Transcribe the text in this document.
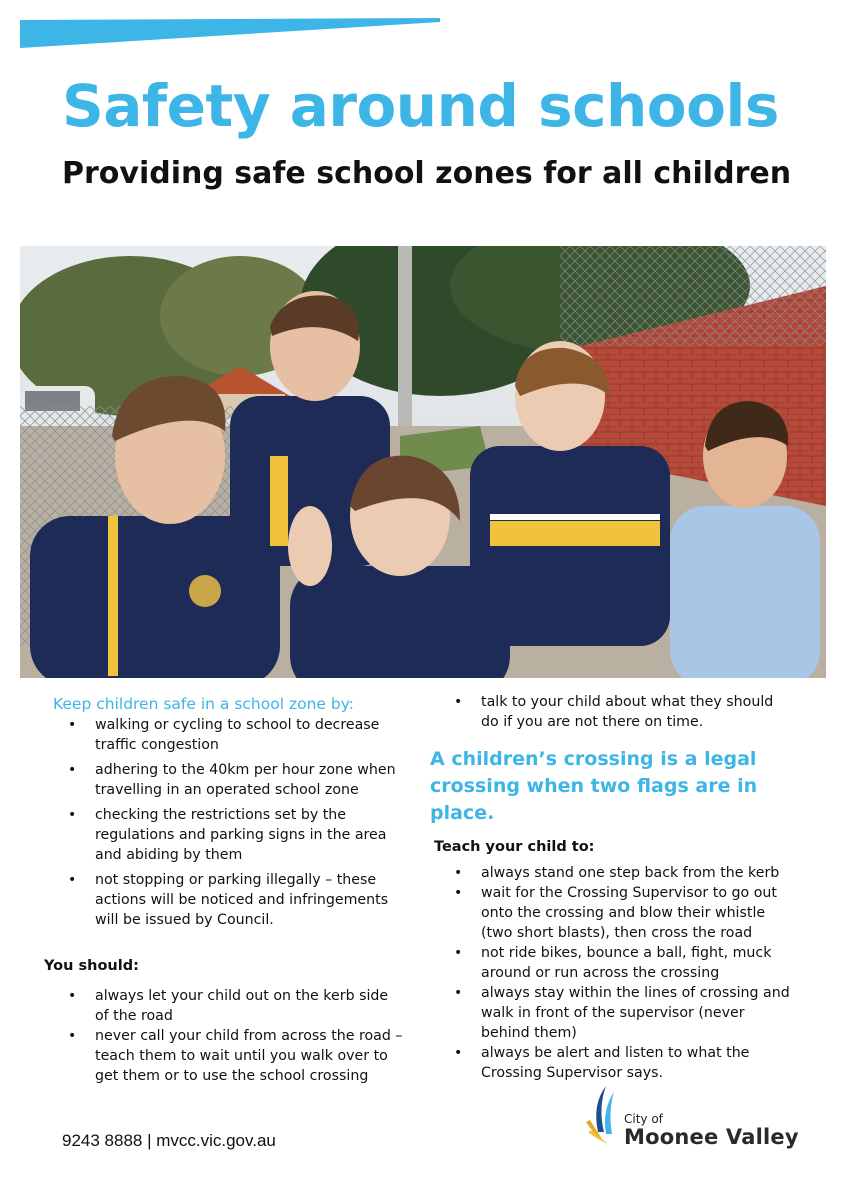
Safety around schools
Providing safe school zones for all children
Keep children safe in a school zone by:
• walking or cycling to school to decrease traffic congestion
• adhering to the 40km per hour zone when travelling in an operated school zone
• checking the restrictions set by the regulations and parking signs in the area and abiding by them
• not stopping or parking illegally – these actions will be noticed and infringements will be issued by Council.

You should:

• always let your child out on the kerb side of the road
• never call your child from across the road – teach them to wait until you walk over to get them or to use the school crossing
• talk to your child about what they should do if you are not there on time.

A children’s crossing is a legal crossing when two flags are in place.

Teach your child to:

• always stand one step back from the kerb
• wait for the Crossing Supervisor to go out onto the crossing and blow their whistle (two short blasts), then cross the road
• not ride bikes, bounce a ball, fight, muck around or run across the crossing
• always stay within the lines of crossing and walk in front of the supervisor (never behind them)
• always be alert and listen to what the Crossing Supervisor says.
9243 8888 | mvcc.vic.gov.au
City of
Moonee Valley
